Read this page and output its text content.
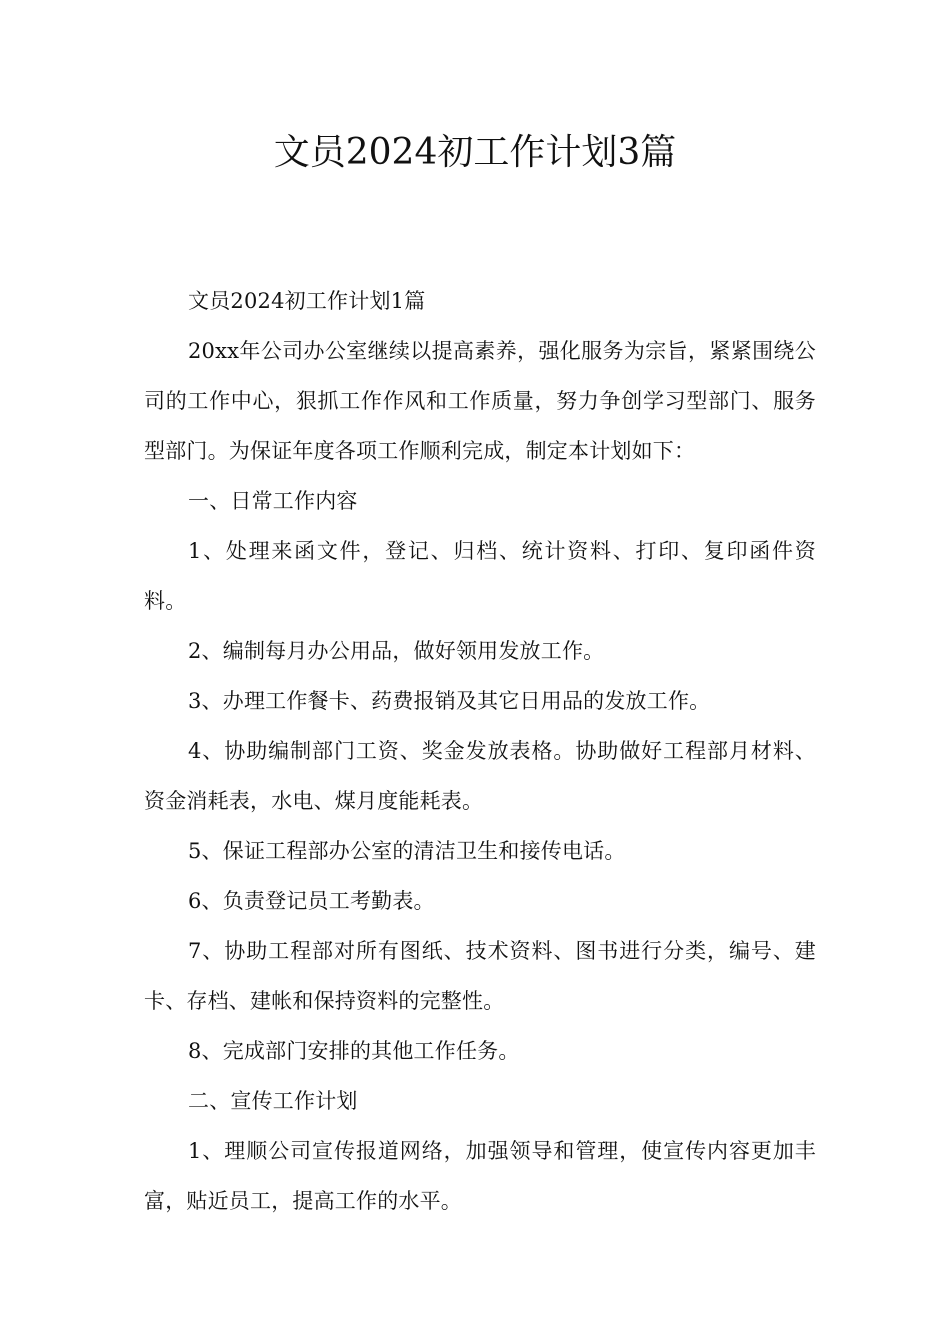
文员2024初工作计划3篇

文员2024初工作计划1篇

20xx年公司办公室继续以提高素养，强化服务为宗旨，紧紧围绕公司的工作中心，狠抓工作作风和工作质量，努力争创学习型部门、服务型部门。为保证年度各项工作顺利完成，制定本计划如下：

一、日常工作内容

1、处理来函文件，登记、归档、统计资料、打印、复印函件资料。

2、编制每月办公用品，做好领用发放工作。

3、办理工作餐卡、药费报销及其它日用品的发放工作。

4、协助编制部门工资、奖金发放表格。协助做好工程部月材料、资金消耗表，水电、煤月度能耗表。

5、保证工程部办公室的清洁卫生和接传电话。

6、负责登记员工考勤表。

7、协助工程部对所有图纸、技术资料、图书进行分类，编号、建卡、存档、建帐和保持资料的完整性。

8、完成部门安排的其他工作任务。

二、宣传工作计划

1、理顺公司宣传报道网络，加强领导和管理，使宣传内容更加丰富，贴近员工，提高工作的水平。
